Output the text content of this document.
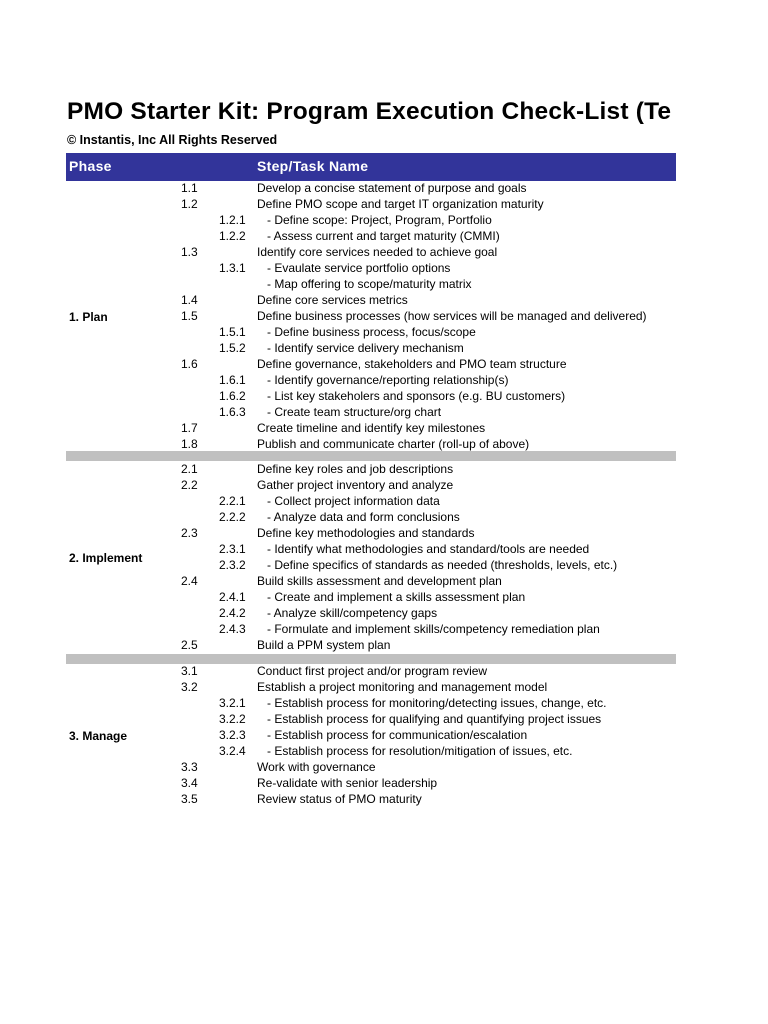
PMO Starter Kit: Program Execution Check-List (Te
© Instantis, Inc All Rights Reserved
Phase	Step/Task Name
1. Plan
1.1	Develop a concise statement of purpose and goals
1.2	Define PMO scope and target IT organization maturity
1.2.1 - Define scope: Project, Program, Portfolio
1.2.2 - Assess current and target maturity (CMMI)
1.3	Identify core services needed to achieve goal
1.3.1 - Evaulate service portfolio options
- Map offering to scope/maturity matrix
1.4	Define core services metrics
1.5	Define business processes (how services will be managed and delivered)
1.5.1 - Define business process, focus/scope
1.5.2 - Identify service delivery mechanism
1.6	Define governance, stakeholders and PMO team structure
1.6.1 - Identify governance/reporting relationship(s)
1.6.2 - List key stakeholers and sponsors (e.g. BU customers)
1.6.3 - Create team structure/org chart
1.7	Create timeline and identify key milestones
1.8	Publish and communicate charter (roll-up of above)
2. Implement
2.1	Define key roles and job descriptions
2.2	Gather project inventory and analyze
2.2.1 - Collect project information data
2.2.2 - Analyze data and form conclusions
2.3	Define key methodologies and standards
2.3.1 - Identify what methodologies and standard/tools are needed
2.3.2 - Define specifics of standards as needed (thresholds, levels, etc.)
2.4	Build skills assessment and development plan
2.4.1 - Create and implement a skills assessment plan
2.4.2 - Analyze skill/competency gaps
2.4.3 - Formulate and implement skills/competency remediation plan
2.5	Build a PPM system plan
3. Manage
3.1	Conduct first project and/or program review
3.2	Establish a project monitoring and management model
3.2.1 - Establish process for monitoring/detecting issues, change, etc.
3.2.2 - Establish process for qualifying and quantifying project issues
3.2.3 - Establish process for communication/escalation
3.2.4 - Establish process for resolution/mitigation of issues, etc.
3.3	Work with governance
3.4	Re-validate with senior leadership
3.5	Review status of PMO maturity
